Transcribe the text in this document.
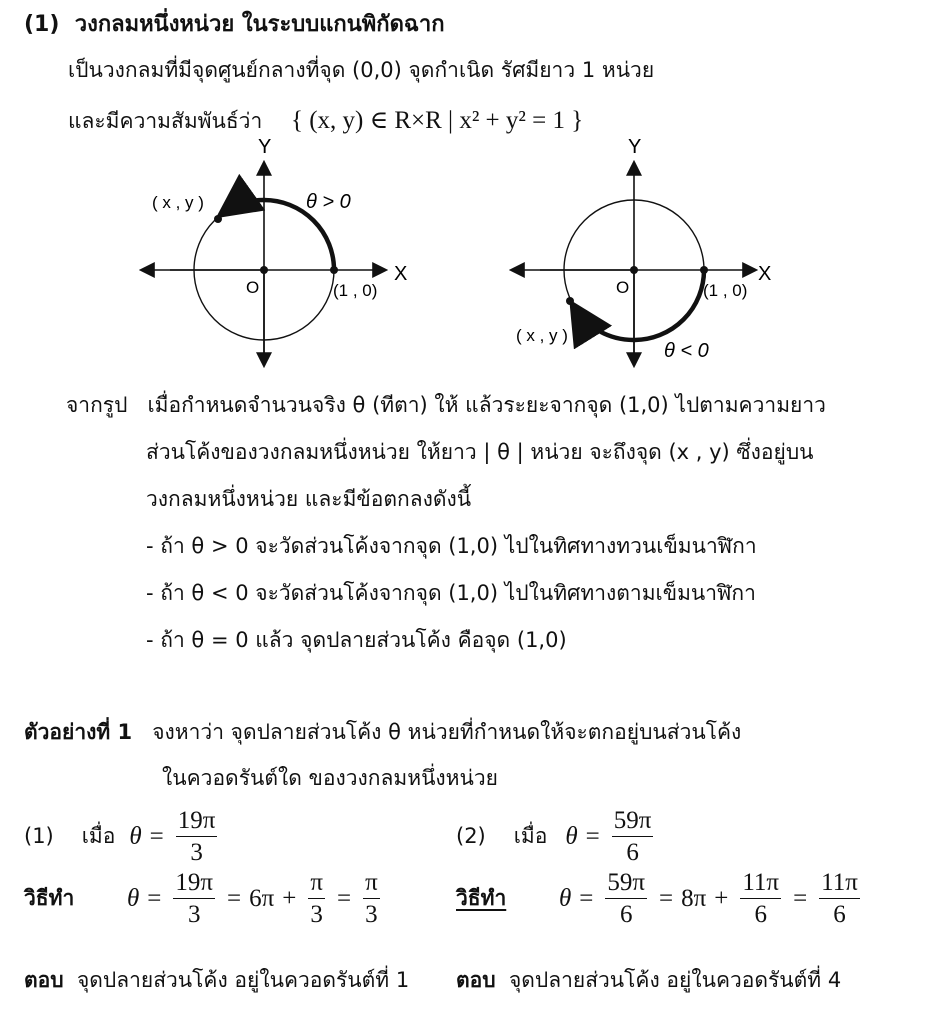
(1) วงกลมหนึ่งหน่วย ในระบบแกนพิกัดฉาก
เป็นวงกลมที่มีจุดศูนย์กลางที่จุด (0,0) จุดกำเนิด รัศมียาว 1 หน่วย
และมีความสัมพันธ์ว่า { (x, y) ∈ R×R | x² + y² = 1 }
Y
X
O	(1 , 0)
( x , y )	θ > 0
Y
X
O	(1 , 0)
( x , y )
θ < 0
จากรูป เมื่อกำหนดจำนวนจริง θ (ทีตา) ให้ แล้วระยะจากจุด (1,0) ไปตามความยาว
ส่วนโค้งของวงกลมหนึ่งหน่วย ให้ยาว | θ | หน่วย จะถึงจุด (x , y) ซึ่งอยู่บน
วงกลมหนึ่งหน่วย และมีข้อตกลงดังนี้
- ถ้า θ > 0 จะวัดส่วนโค้งจากจุด (1,0) ไปในทิศทางทวนเข็มนาฬิกา
- ถ้า θ < 0 จะวัดส่วนโค้งจากจุด (1,0) ไปในทิศทางตามเข็มนาฬิกา
- ถ้า θ = 0 แล้ว จุดปลายส่วนโค้ง คือจุด (1,0)
ตัวอย่างที่ 1 จงหาว่า จุดปลายส่วนโค้ง θ หน่วยที่กำหนดให้จะตกอยู่บนส่วนโค้ง
ในควอดรันต์ใด ของวงกลมหนึ่งหน่วย
(1) เมื่อ $\theta = \frac{19\pi}{3}$
วิธีทำ	$\theta = \frac{19\pi}{3} = 6\pi + \frac{\pi}{3} = \frac{\pi}{3}$
ตอบ จุดปลายส่วนโค้ง อยู่ในควอดรันต์ที่ 1
(2) เมื่อ $\theta = \frac{59\pi}{6}$
วิธีทำ	$\theta = \frac{59\pi}{6} = 8\pi + \frac{11\pi}{6} = \frac{11\pi}{6}$
ตอบ จุดปลายส่วนโค้ง อยู่ในควอดรันต์ที่ 4
